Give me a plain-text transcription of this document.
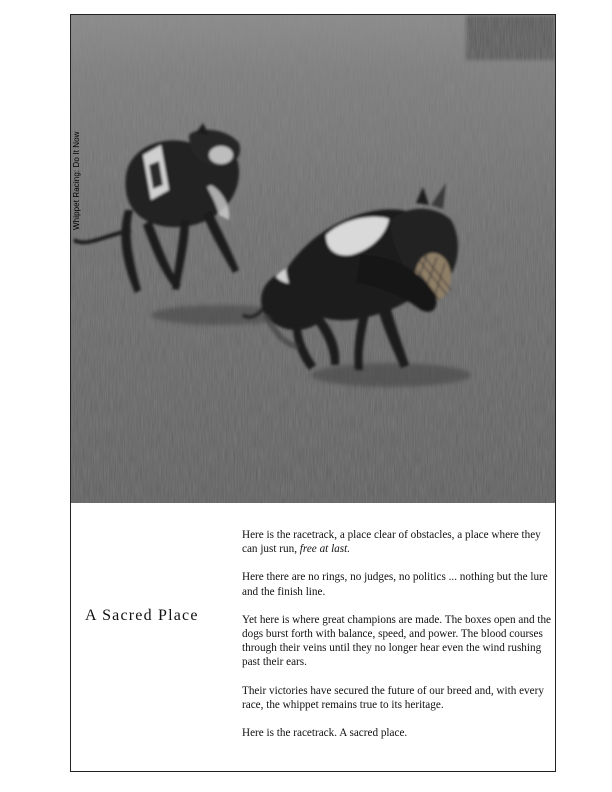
Whippet Racing: Do It Now
A Sacred Place

Here is the racetrack, a place clear of obstacles, a place where they can just run, free at last.

Here there are no rings, no judges, no politics ... nothing but the lure and the finish line.

Yet here is where great champions are made. The boxes open and the dogs burst forth with balance, speed, and power. The blood courses through their veins until they no longer hear even the wind rushing past their ears.

Their victories have secured the future of our breed and, with every race, the whippet remains true to its heritage.

Here is the racetrack. A sacred place.
